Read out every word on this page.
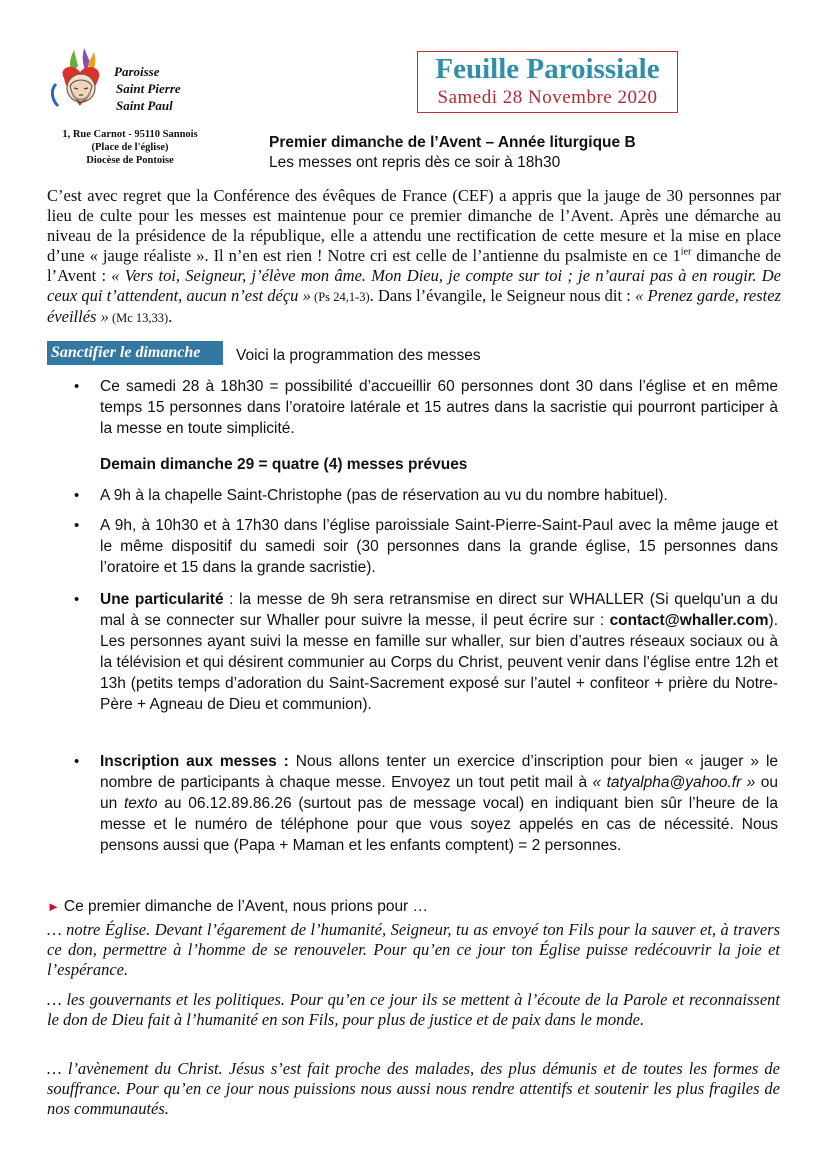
Paroisse
Saint Pierre
Saint Paul
1, Rue Carnot - 95110 Sannois
(Place de l'église)
Diocèse de Pontoise
Feuille Paroissiale
Samedi 28 Novembre 2020
Premier dimanche de l’Avent – Année liturgique B
Les messes ont repris dès ce soir à 18h30
C’est avec regret que la Conférence des évêques de France (CEF) a appris que la jauge de 30 personnes par lieu de culte pour les messes est maintenue pour ce premier dimanche de l’Avent. Après une démarche au niveau de la présidence de la république, elle a attendu une rectification de cette mesure et la mise en place d’une « jauge réaliste ». Il n’en est rien ! Notre cri est celle de l’antienne du psalmiste en ce $1^{ier}$ dimanche de l’Avent : « Vers toi, Seigneur, j’élève mon âme. Mon Dieu, je compte sur toi ; je n’aurai pas à en rougir. De ceux qui t’attendent, aucun n’est déçu » (Ps 24,1-3). Dans l’évangile, le Seigneur nous dit : « Prenez garde, restez éveillés » (Mc 13,33).
Sanctifier le dimanche	Voici la programmation des messes
• Ce samedi 28 à 18h30 = possibilité d’accueillir 60 personnes dont 30 dans l’église et en même temps 15 personnes dans l’oratoire latérale et 15 autres dans la sacristie qui pourront participer à la messe en toute simplicité.
Demain dimanche 29 = quatre (4) messes prévues
• A 9h à la chapelle Saint-Christophe (pas de réservation au vu du nombre habituel).
• A 9h, à 10h30 et à 17h30 dans l’église paroissiale Saint-Pierre-Saint-Paul avec la même jauge et le même dispositif du samedi soir (30 personnes dans la grande église, 15 personnes dans l’oratoire et 15 dans la grande sacristie).
• Une particularité : la messe de 9h sera retransmise en direct sur WHALLER (Si quelqu'un a du mal à se connecter sur Whaller pour suivre la messe, il peut écrire sur : contact@whaller.com). Les personnes ayant suivi la messe en famille sur whaller, sur bien d’autres réseaux sociaux ou à la télévision et qui désirent communier au Corps du Christ, peuvent venir dans l’église entre 12h et 13h (petits temps d’adoration du Saint-Sacrement exposé sur l’autel + confiteor + prière du Notre-Père + Agneau de Dieu et communion).
• Inscription aux messes : Nous allons tenter un exercice d’inscription pour bien « jauger » le nombre de participants à chaque messe. Envoyez un tout petit mail à « tatyalpha@yahoo.fr » ou un texto au 06.12.89.86.26 (surtout pas de message vocal) en indiquant bien sûr l’heure de la messe et le numéro de téléphone pour que vous soyez appelés en cas de nécessité. Nous pensons aussi que (Papa + Maman et les enfants comptent) = 2 personnes.
► Ce premier dimanche de l’Avent, nous prions pour …
… notre Église. Devant l’égarement de l’humanité, Seigneur, tu as envoyé ton Fils pour la sauver et, à travers ce don, permettre à l’homme de se renouveler. Pour qu’en ce jour ton Église puisse redécouvrir la joie et l’espérance.
… les gouvernants et les politiques. Pour qu’en ce jour ils se mettent à l’écoute de la Parole et reconnaissent le don de Dieu fait à l’humanité en son Fils, pour plus de justice et de paix dans le monde.
… l’avènement du Christ. Jésus s’est fait proche des malades, des plus démunis et de toutes les formes de souffrance. Pour qu’en ce jour nous puissions nous aussi nous rendre attentifs et soutenir les plus fragiles de nos communautés.
